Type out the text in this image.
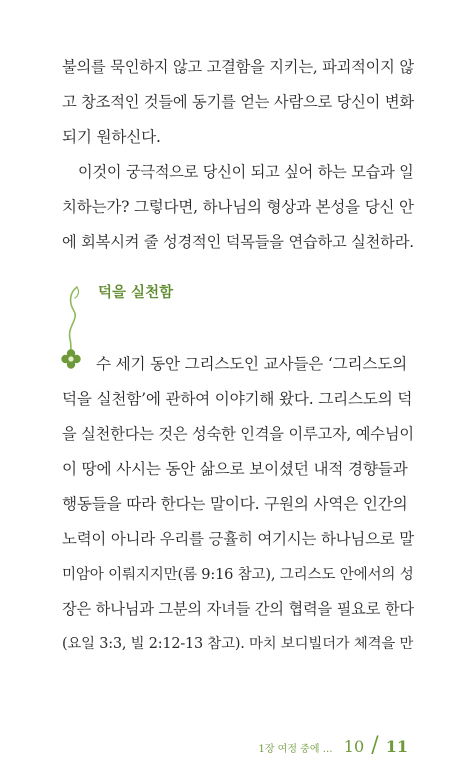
불의를 묵인하지 않고 고결함을 지키는, 파괴적이지 않
고 창조적인 것들에 동기를 얻는 사람으로 당신이 변화
되기 원하신다.
이것이 궁극적으로 당신이 되고 싶어 하는 모습과 일
치하는가? 그렇다면, 하나님의 형상과 본성을 당신 안
에 회복시켜 줄 성경적인 덕목들을 연습하고 실천하라.
덕을 실천함
수 세기 동안 그리스도인 교사들은 ‘그리스도의
덕을 실천함’에 관하여 이야기해 왔다. 그리스도의 덕
을 실천한다는 것은 성숙한 인격을 이루고자, 예수님이
이 땅에 사시는 동안 삶으로 보이셨던 내적 경향들과
행동들을 따라 한다는 말이다. 구원의 사역은 인간의
노력이 아니라 우리를 긍휼히 여기시는 하나님으로 말
미암아 이뤄지지만(롬 9:16 참고), 그리스도 안에서의 성
장은 하나님과 그분의 자녀들 간의 협력을 필요로 한다
(요일 3:3, 빌 2:12-13 참고). 마치 보디빌더가 체격을 만
1장 여정 중에 … 10 / 11
